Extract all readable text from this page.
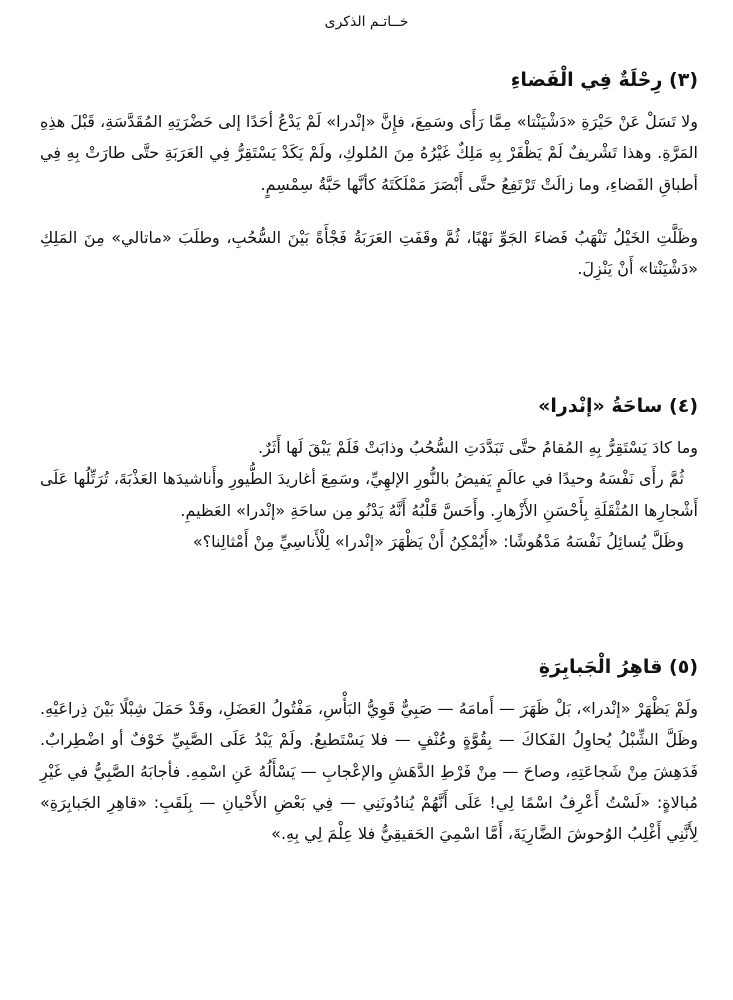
خــاتـم الذكرى
(٣) رِحْلَةٌ فِي الْفَضاءِ

ولا تَسَلْ عَنْ حَيْرَةِ «دَشْيَنْتا» مِمَّا رَأَى وسَمِعَ، فإِنَّ «إنْدرا» لَمْ يَدْعُ أحَدًا إلى حَضْرَتِهِ المُقَدَّسَةِ، قَبْلَ هذِهِ المَرَّةِ. وهذا تَشْريفٌ لَمْ يَظْفَرْ بِهِ مَلِكٌ غَيْرُهُ مِنَ المُلوكِ، ولَمْ يَكَدْ يَسْتَقِرُّ فِي العَرَبَةِ حتَّى طارَتْ بِهِ فِي أطباقِ الفَضاءِ، وما زالَتْ تَرْتَفِعُ حتَّى أَبْصَرَ مَمْلَكَتَهُ كأنَّها حَبَّةُ سِمْسِمٍ.

وظَلَّتِ الخَيْلُ تَنْهَبُ فَضاءَ الجَوِّ نَهْبًا، ثُمَّ وقَفَتِ العَرَبَةُ فَجْأَةً بَيْنَ السُّحُبِ، وطلَبَ «ماتالي» مِنَ المَلِكِ «دَشْيَنْتا» أَنْ يَنْزِلَ.

(٤) ساحَةُ «إنْدرا»

وما كادَ يَسْتَقِرُّ بِهِ المُقامُ حتَّى تَبَدَّدَتِ السُّحُبُ وذابَتْ فَلَمْ يَبْقَ لَها أَثَرٌ.

ثُمَّ رأَى نَفْسَهُ وحيدًا في عالَمٍ يَفيضُ بالنُّورِ الإلهِيِّ، وسَمِعَ أغاريدَ الطُّيورِ وأَناشيدَها العَذْبَةَ، تُرَتِّلُها عَلَى أَشْجارِها المُثْقَلَةِ بِأَحْسَنِ الأَزْهارِ. وأَحَسَّ قَلْبُهُ أَنَّهُ يَدْنُو مِن ساحَةِ «إنْدرا» العَظيمِ.

وظَلَّ يُسائِلُ نَفْسَهُ مَدْهُوشًا: «أَيُمْكِنُ أَنْ يَظْهَرَ «إنْدرا» لِلْأَناسِيِّ مِنْ أَمْثالِنا؟»

(٥) قاهِرُ الْجَبابِرَةِ

ولَمْ يَظْهَرْ «إنْدرا»، بَلْ ظَهَرَ — أَمامَهُ — صَبِيٌّ قَوِيُّ البَأْسِ، مَفْتُولُ العَضَلِ، وقَدْ حَمَلَ شِبْلًا بَيْنَ ذِراعَيْهِ. وظَلَّ الشِّبْلُ يُحاوِلُ الفَكاكَ — بِقُوَّةٍ وعُنْفٍ — فلا يَسْتَطيعُ. ولَمْ يَبْدُ عَلَى الصَّبِيِّ خَوْفٌ أو اضْطِرابٌ. فَدَهِشَ مِنْ شَجاعَتِهِ، وصاحَ — مِنْ فَرْطِ الدَّهَشِ والإعْجابِ — يَسْأَلُهُ عَنِ اسْمِهِ. فأجابَهُ الصَّبِيُّ في غَيْرِ مُبالاةٍ: «لَسْتُ أَعْرِفُ اسْمًا لِي! عَلَى أَنَّهُمْ يُنادُونَنِي — فِي بَعْضِ الأَحْيانِ — بِلَقَبِ: «قاهِرِ الجَبابِرَةِ» لِأَنَّنِي أَغْلِبُ الوُحوشَ الضَّارِيَةَ، أَمَّا اسْمِيَ الحَقيقِيُّ فلا عِلْمَ لِي بِهِ.»
